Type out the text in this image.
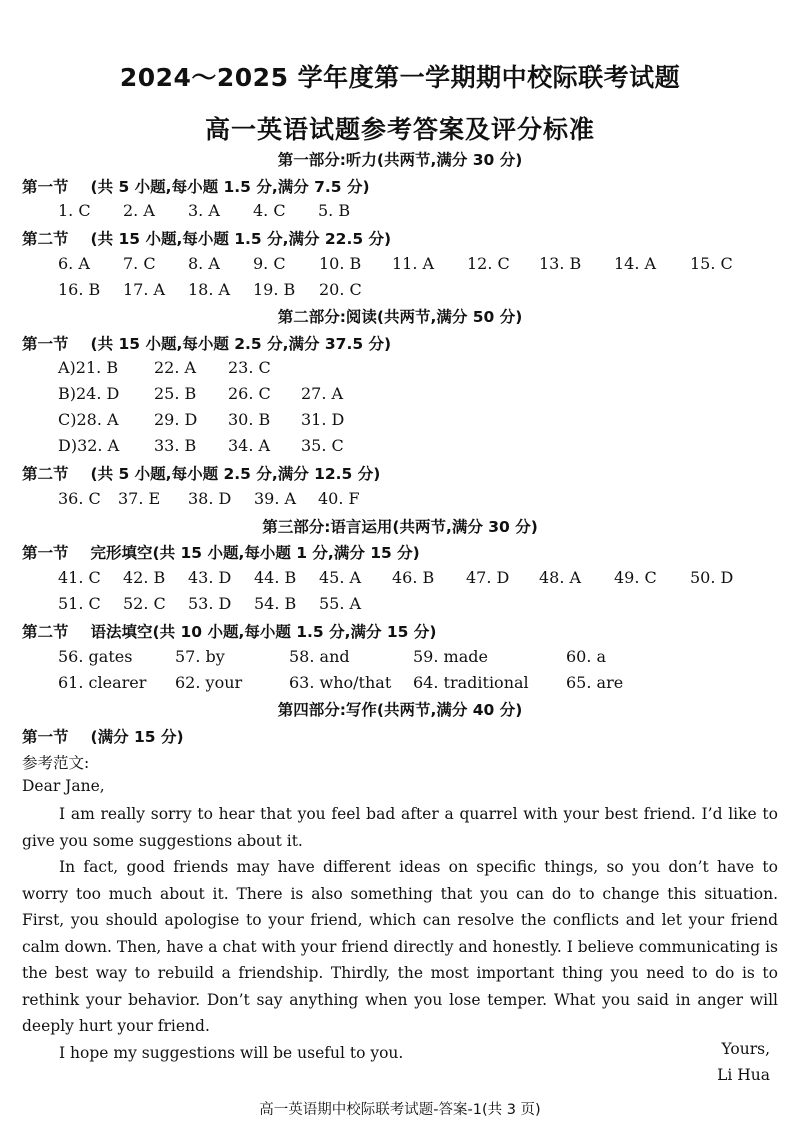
2024～2025 学年度第一学期期中校际联考试题
高一英语试题参考答案及评分标准
第一部分:听力(共两节,满分 30 分)
第一节 (共 5 小题,每小题 1.5 分,满分 7.5 分)
1. C 2. A 3. A 4. C 5. B
第二节 (共 15 小题,每小题 1.5 分,满分 22.5 分)
6. A 7. C 8. A 9. C 10. B 11. A 12. C 13. B 14. A 15. C
16. B 17. A 18. A 19. B 20. C
第二部分:阅读(共两节,满分 50 分)
第一节 (共 15 小题,每小题 2.5 分,满分 37.5 分)
A)21. B 22. A 23. C
B)24. D 25. B 26. C 27. A
C)28. A 29. D 30. B 31. D
D)32. A 33. B 34. A 35. C
第二节 (共 5 小题,每小题 2.5 分,满分 12.5 分)
36. C 37. E 38. D 39. A 40. F
第三部分:语言运用(共两节,满分 30 分)
第一节 完形填空(共 15 小题,每小题 1 分,满分 15 分)
41. C 42. B 43. D 44. B 45. A 46. B 47. D 48. A 49. C 50. D
51. C 52. C 53. D 54. B 55. A
第二节 语法填空(共 10 小题,每小题 1.5 分,满分 15 分)
56. gates	57. by	58. and	59. made	60. a
61. clearer 62. your	63. who/that 64. traditional 65. are
第四部分:写作(共两节,满分 40 分)
第一节 (满分 15 分)
参考范文:
Dear Jane,

I am really sorry to hear that you feel bad after a quarrel with your best friend. I’d like to give you some suggestions about it.

In fact, good friends may have different ideas on specific things, so you don’t have to worry too much about it. There is also something that you can do to change this situation. First, you should apologise to your friend, which can resolve the conflicts and let your friend calm down. Then, have a chat with your friend directly and honestly. I believe communicating is the best way to rebuild a friendship. Thirdly, the most important thing you need to do is to rethink your behavior. Don’t say anything when you lose temper. What you said in anger will deeply hurt your friend.

I hope my suggestions will be useful to you.	Yours,
Li Hua
高一英语期中校际联考试题-答案-1(共 3 页)
